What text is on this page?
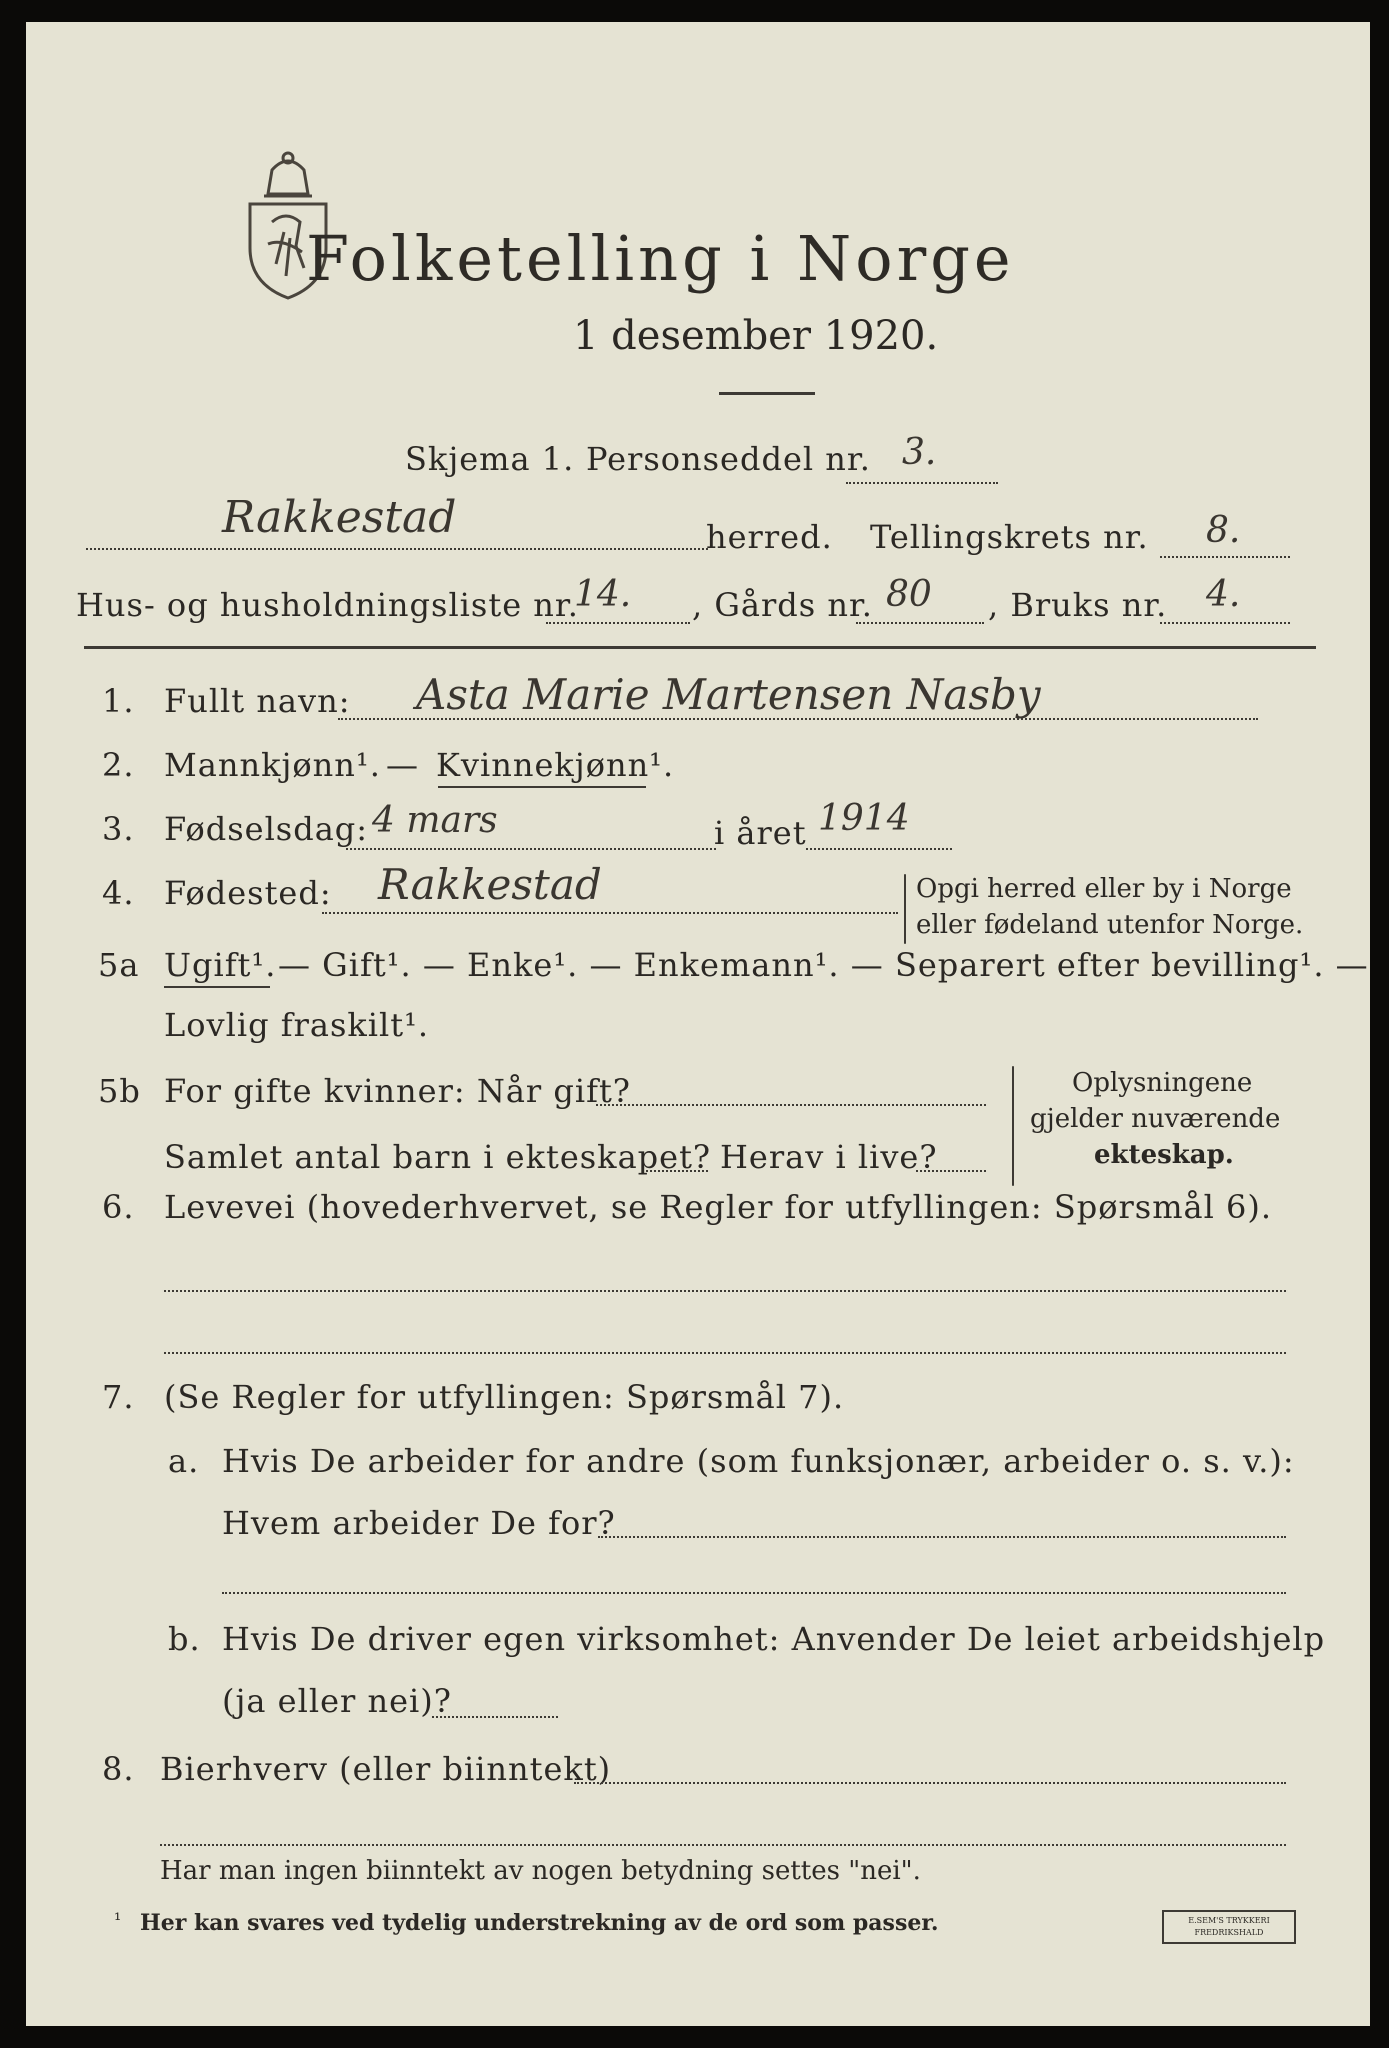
Folketelling i Norge
1 desember 1920.
Skjema 1. Personseddel nr. 3.
Rakkestad	herred. Tellingskrets nr. 8.
Hus- og husholdningsliste nr.
14. , Gårds nr. 80 , Bruks nr. 4.
1. Fullt navn: Asta Marie Martensen Nasby
2. Mannkjønn¹. — Kvinnekjønn¹.
3. Fødselsdag: 4 mars	i året 1914
4. Fødested: Rakkestad	Opgi herred eller by i Norge
eller fødeland utenfor Norge.
5a Ugift¹. — Gift¹. — Enke¹. — Enkemann¹. — Separert efter bevilling¹. —
Lovlig fraskilt¹.
5b For gifte kvinner: Når gift?
Samlet antal barn i ekteskapet? Herav i live?
Oplysningene
gjelder nuværende
ekteskap.
6. Levevei (hovederhvervet, se Regler for utfyllingen: Spørsmål 6).
7. (Se Regler for utfyllingen: Spørsmål 7).
a. Hvis De arbeider for andre (som funksjonær, arbeider o. s. v.):
Hvem arbeider De for?
b. Hvis De driver egen virksomhet: Anvender De leiet arbeidshjelp
(ja eller nei)?
8. Bierhverv (eller biinntekt)
Har man ingen biinntekt av nogen betydning settes "nei".
¹ Her kan svares ved tydelig understrekning av de ord som passer.	E.SEM'S TRYKKERI
FREDRIKSHALD
